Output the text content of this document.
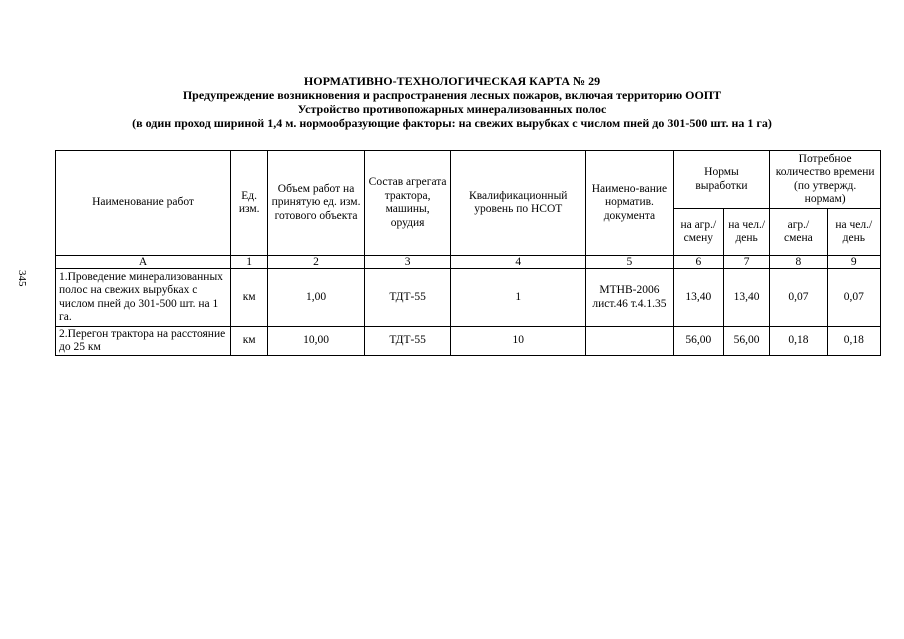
345
НОРМАТИВНО-ТЕХНОЛОГИЧЕСКАЯ КАРТА № 29
Предупреждение возникновения и распространения лесных пожаров, включая территорию ООПТ
Устройство противопожарных минерализованных полос
(в один проход шириной 1,4 м. нормообразующие факторы: на свежих вырубках с числом пней до 301-500 шт. на 1 га)
Наименование работ	Ед. изм.	Объем работ на принятую ед. изм. готового объекта	Состав агрегата трактора, машины, орудия	Квалификационный уровень по НСОТ	Наимено-вание норматив. документа	Нормы выработки		Потребное количество времени (по утвержд. нормам)	
						на агр./ смену	на чел./ день	агр./ смена	на чел./ день
А	1	2	3	4	5	6	7	8	9
1.Проведение минерализованных полос на свежих вырубках с числом пней до 301-500 шт. на 1 га.	км	1,00	ТДТ-55	1	МТНВ-2006 лист.46 т.4.1.35	13,40	13,40	0,07	0,07
2.Перегон трактора на расстояние до 25 км	км	10,00	ТДТ-55	10		56,00	56,00	0,18	0,18
